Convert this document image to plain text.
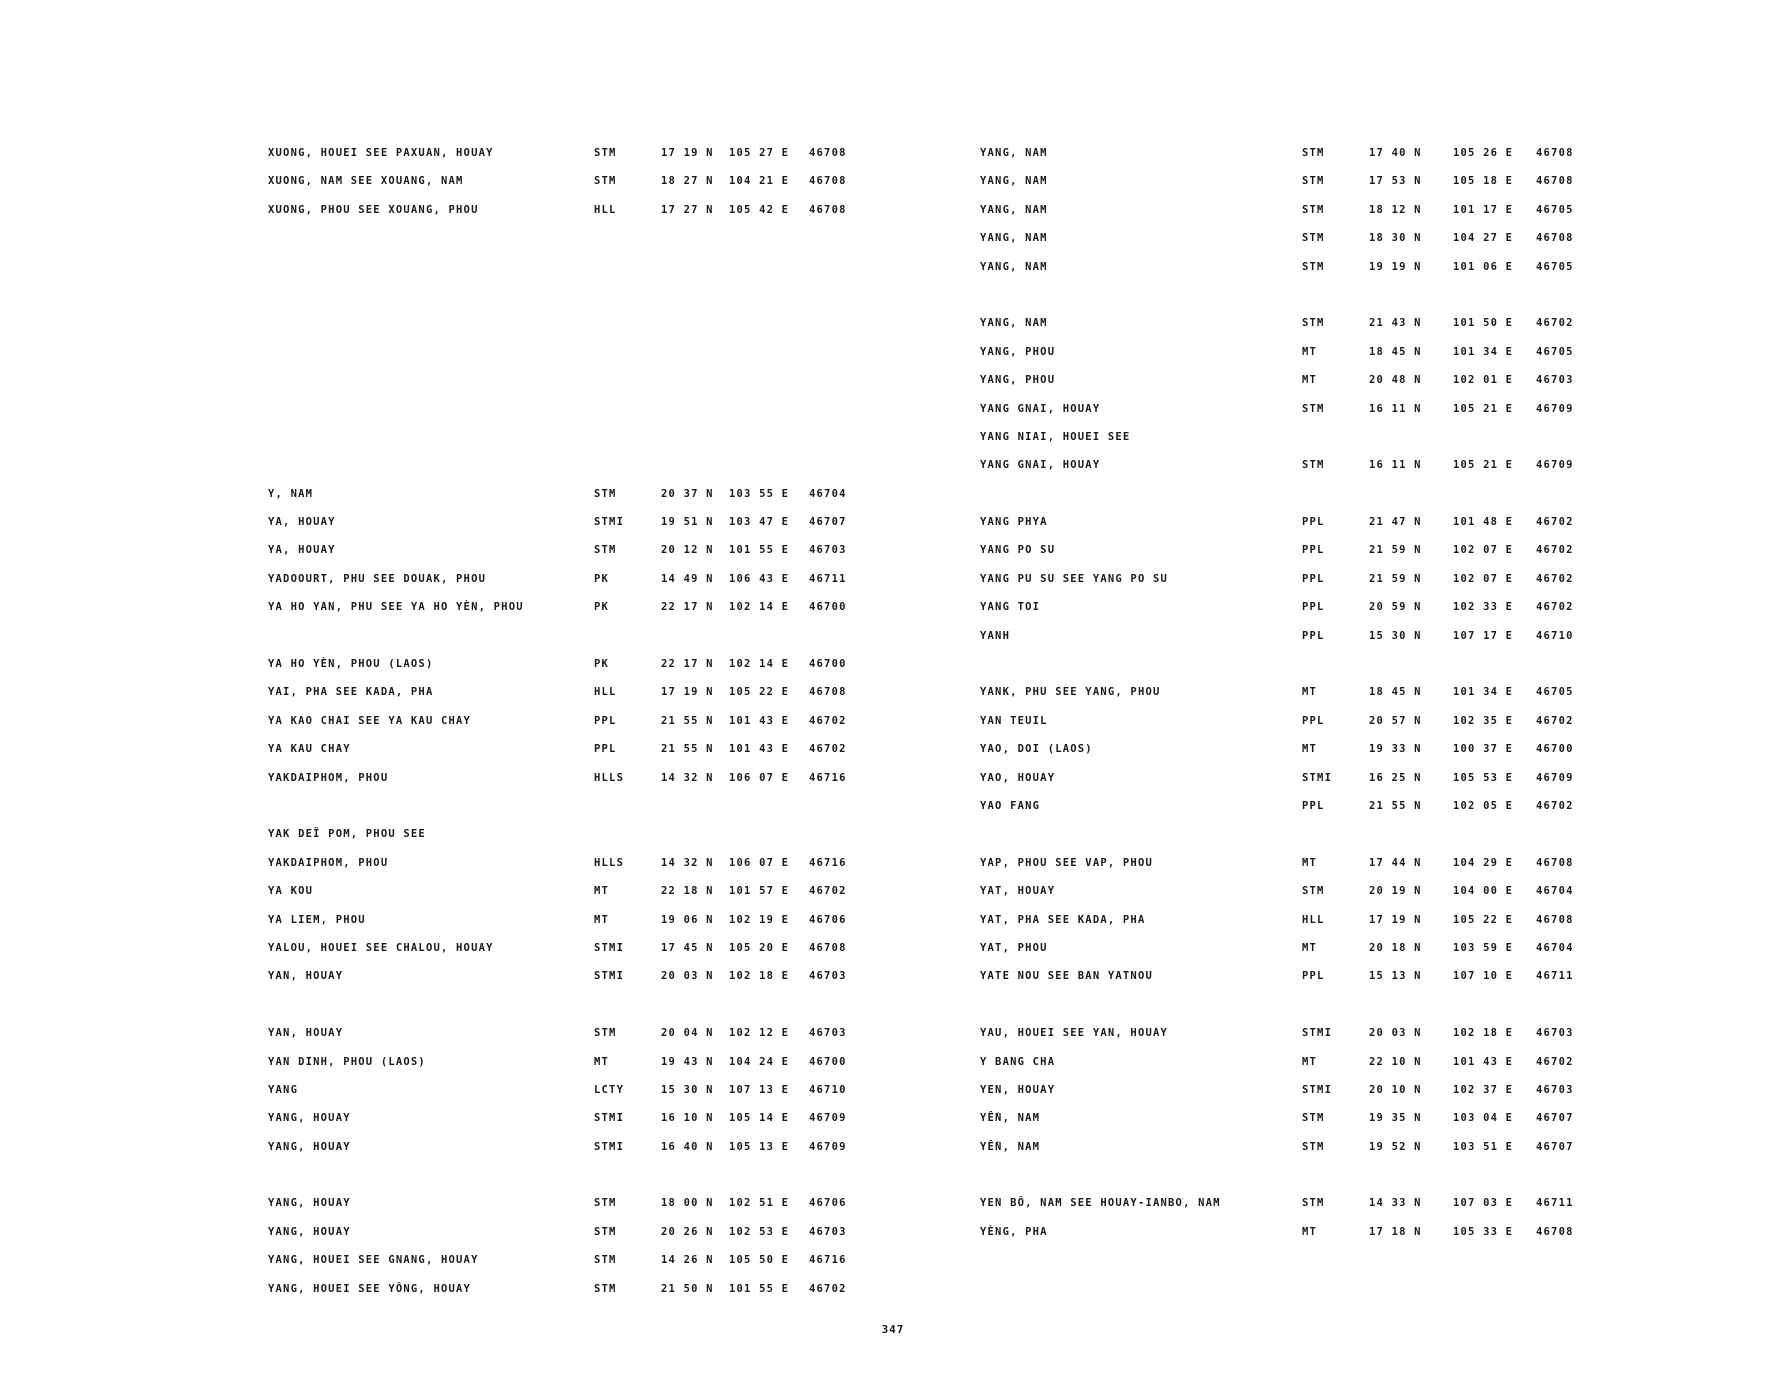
XUONG, HOUEI SEE PAXUAN, HOUAY	STM	17 19 N 105 27 E 46708
XUONG, NAM SEE XOUANG, NAM	STM	18 27 N 104 21 E 46708
XUONG, PHOU SEE XOUANG, PHOU	HLL	17 27 N 105 42 E 46708
Y, NAM	STM	20 37 N 103 55 E 46704
YA, HOUAY	STMI	19 51 N 103 47 E 46707
YA, HOUAY	STM	20 12 N 101 55 E 46703
YADOOURT, PHU SEE DOUAK, PHOU	PK	14 49 N 106 43 E 46711
YA HO YAN, PHU SEE YA HO YÈN, PHOU	PK	22 17 N 102 14 E 46700
YA HO YÈN, PHOU (LAOS)	PK	22 17 N 102 14 E 46700
YAI, PHA SEE KADA, PHA	HLL	17 19 N 105 22 E 46708
YA KAO CHAI SEE YA KAU CHAY	PPL	21 55 N 101 43 E 46702
YA KAU CHAY	PPL	21 55 N 101 43 E 46702
YAKDAIPHOM, PHOU	HLLS	14 32 N 106 07 E 46716
YAK DEÏ POM, PHOU SEE
YAKDAIPHOM, PHOU	HLLS	14 32 N 106 07 E 46716
YA KOU	MT	22 18 N 101 57 E 46702
YA LIEM, PHOU	MT	19 06 N 102 19 E 46706
YALOU, HOUEI SEE CHALOU, HOUAY	STMI	17 45 N 105 20 E 46708
YAN, HOUAY	STMI	20 03 N 102 18 E 46703
YAN, HOUAY	STM	20 04 N 102 12 E 46703
YAN DINH, PHOU (LAOS)	MT	19 43 N 104 24 E 46700
YANG	LCTY	15 30 N 107 13 E 46710
YANG, HOUAY	STMI	16 10 N 105 14 E 46709
YANG, HOUAY	STMI	16 40 N 105 13 E 46709
YANG, HOUAY	STM	18 00 N 102 51 E 46706
YANG, HOUAY	STM	20 26 N 102 53 E 46703
YANG, HOUEI SEE GNANG, HOUAY	STM	14 26 N 105 50 E 46716
YANG, HOUEI SEE YÔNG, HOUAY	STM	21 50 N 101 55 E 46702
YANG, NAM	STM	17 40 N	105 26 E 46708
YANG, NAM	STM	17 53 N	105 18 E 46708
YANG, NAM	STM	18 12 N	101 17 E 46705
YANG, NAM	STM	18 30 N	104 27 E 46708
YANG, NAM	STM	19 19 N	101 06 E 46705
YANG, NAM	STM	21 43 N	101 50 E 46702
YANG, PHOU	MT	18 45 N	101 34 E 46705
YANG, PHOU	MT	20 48 N	102 01 E 46703
YANG GNAI, HOUAY	STM	16 11 N	105 21 E 46709
YANG NIAI, HOUEI SEE
YANG GNAI, HOUAY	STM	16 11 N	105 21 E 46709
YANG PHYA	PPL	21 47 N	101 48 E 46702
YANG PO SU	PPL	21 59 N	102 07 E 46702
YANG PU SU SEE YANG PO SU	PPL	21 59 N	102 07 E 46702
YANG TOI	PPL	20 59 N	102 33 E 46702
YANH	PPL	15 30 N	107 17 E 46710
YANK, PHU SEE YANG, PHOU	MT	18 45 N	101 34 E 46705
YAN TEUIL	PPL	20 57 N	102 35 E 46702
YAO, DOI (LAOS)	MT	19 33 N	100 37 E 46700
YAO, HOUAY	STMI	16 25 N	105 53 E 46709
YAO FANG	PPL	21 55 N	102 05 E 46702
YAP, PHOU SEE VAP, PHOU	MT	17 44 N	104 29 E 46708
YAT, HOUAY	STM	20 19 N	104 00 E 46704
YAT, PHA SEE KADA, PHA	HLL	17 19 N	105 22 E 46708
YAT, PHOU	MT	20 18 N	103 59 E 46704
YATE NOU SEE BAN YATNOU	PPL	15 13 N	107 10 E 46711
YAU, HOUEI SEE YAN, HOUAY	STMI	20 03 N	102 18 E 46703
Y BANG CHA	MT	22 10 N	101 43 E 46702
YEN, HOUAY	STMI	20 10 N	102 37 E 46703
YẾN, NAM	STM	19 35 N	103 04 E 46707
YẾN, NAM	STM	19 52 N	103 51 E 46707
YEN BÔ, NAM SEE HOUAY-IANBO, NAM	STM	14 33 N	107 03 E 46711
YÈNG, PHA	MT	17 18 N	105 33 E 46708
347
